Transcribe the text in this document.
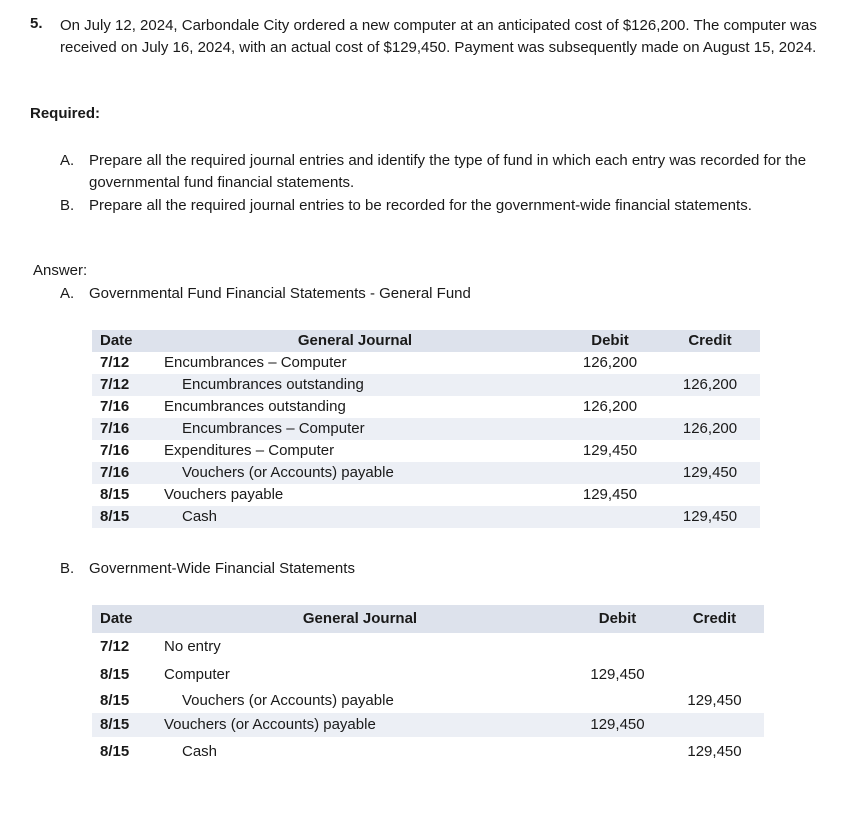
5. On July 12, 2024, Carbondale City ordered a new computer at an anticipated cost of $126,200. The computer was received on July 16, 2024, with an actual cost of $129,450. Payment was subsequently made on August 15, 2024.
Required:
A. Prepare all the required journal entries and identify the type of fund in which each entry was recorded for the governmental fund financial statements.
B. Prepare all the required journal entries to be recorded for the government-wide financial statements.
Answer:
A. Governmental Fund Financial Statements - General Fund
Date	General Journal	Debit	Credit
7/12	Encumbrances – Computer	126,200	
7/12	Encumbrances outstanding		126,200
7/16	Encumbrances outstanding	126,200	
7/16	Encumbrances – Computer		126,200
7/16	Expenditures – Computer	129,450	
7/16	Vouchers (or Accounts) payable		129,450
8/15	Vouchers payable	129,450	
8/15	Cash		129,450
B. Government-Wide Financial Statements
Date	General Journal	Debit	Credit
7/12	No entry		
8/15	Computer	129,450	
8/15	Vouchers (or Accounts) payable		129,450
8/15	Vouchers (or Accounts) payable	129,450	
8/15	Cash		129,450
